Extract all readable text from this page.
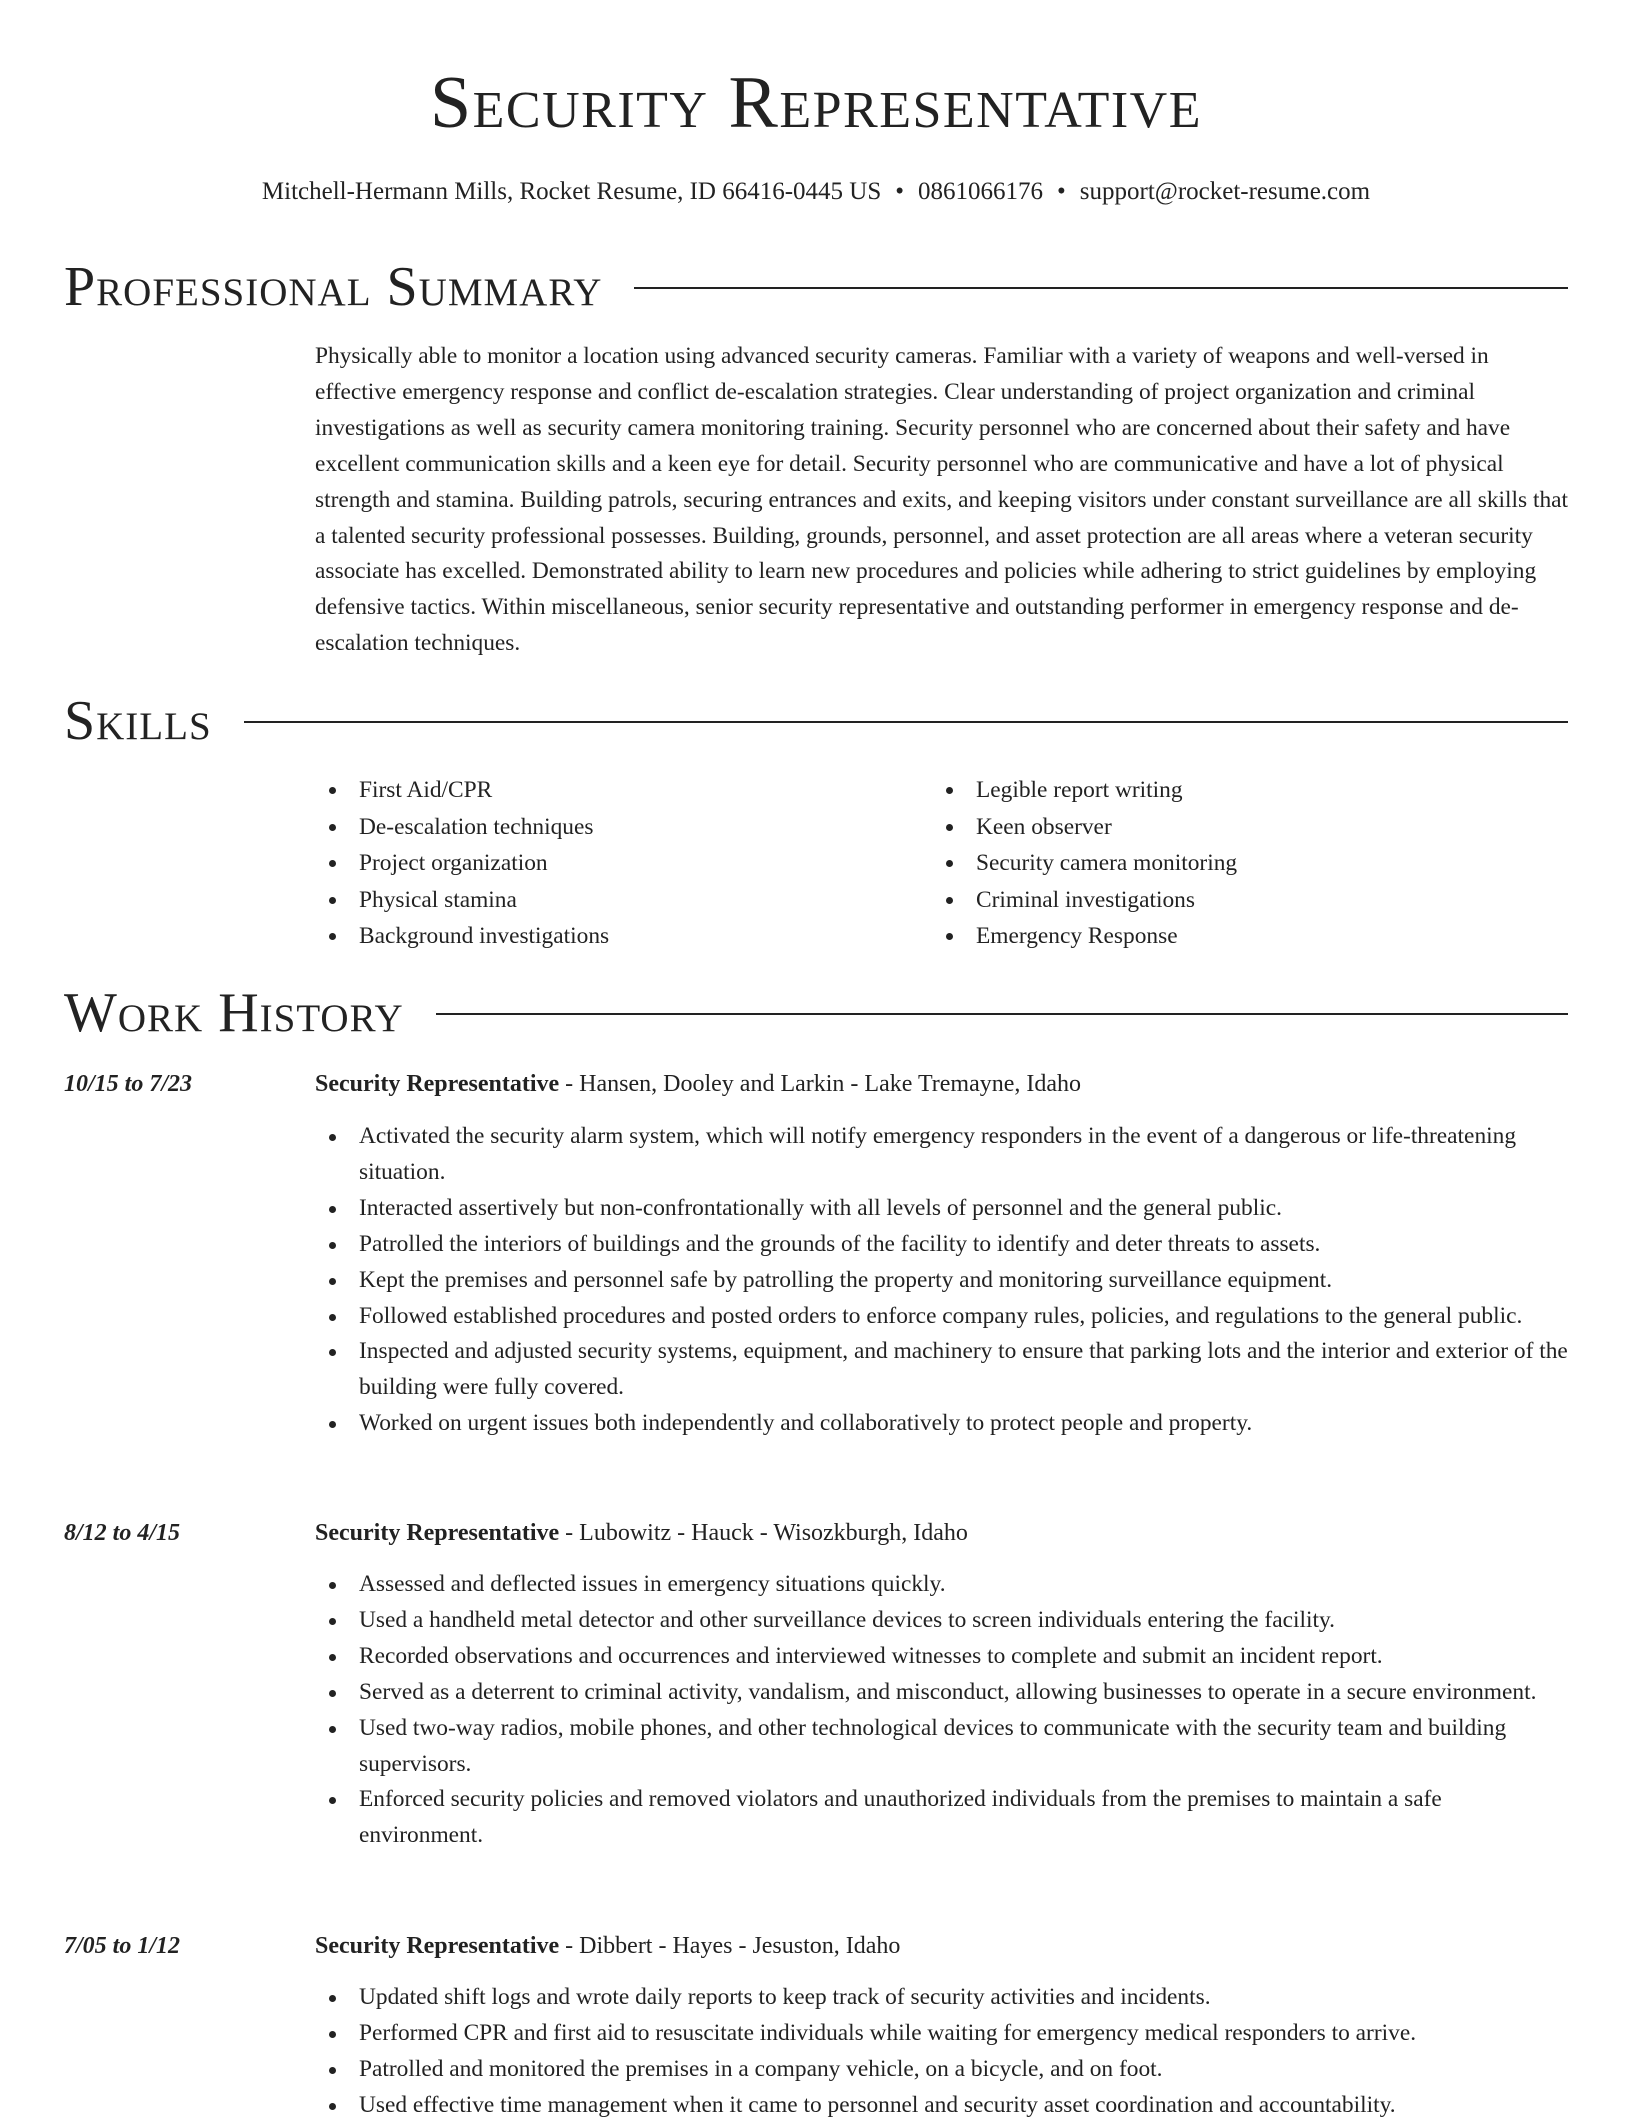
Security Representative
Mitchell-Hermann Mills, Rocket Resume, ID 66416-0445 US • 0861066176 • support@rocket-resume.com
Professional Summary

Physically able to monitor a location using advanced security cameras. Familiar with a variety of weapons and well-versed in effective emergency response and conflict de-escalation strategies. Clear understanding of project organization and criminal investigations as well as security camera monitoring training. Security personnel who are concerned about their safety and have excellent communication skills and a keen eye for detail. Security personnel who are communicative and have a lot of physical strength and stamina. Building patrols, securing entrances and exits, and keeping visitors under constant surveillance are all skills that a talented security professional possesses. Building, grounds, personnel, and asset protection are all areas where a veteran security associate has excelled. Demonstrated ability to learn new procedures and policies while adhering to strict guidelines by employing defensive tactics. Within miscellaneous, senior security representative and outstanding performer in emergency response and de-escalation techniques.

Skills
First Aid/CPR
De-escalation techniques
Project organization
Physical stamina
Background investigations
Legible report writing
Keen observer
Security camera monitoring
Criminal investigations
Emergency Response
Work History
10/15 to 7/23	Security Representative - Hansen, Dooley and Larkin - Lake Tremayne, Idaho
Activated the security alarm system, which will notify emergency responders in the event of a dangerous or life-threatening situation.
Interacted assertively but non-confrontationally with all levels of personnel and the general public.
Patrolled the interiors of buildings and the grounds of the facility to identify and deter threats to assets.
Kept the premises and personnel safe by patrolling the property and monitoring surveillance equipment.
Followed established procedures and posted orders to enforce company rules, policies, and regulations to the general public.
Inspected and adjusted security systems, equipment, and machinery to ensure that parking lots and the interior and exterior of the building were fully covered.
Worked on urgent issues both independently and collaboratively to protect people and property.
8/12 to 4/15	Security Representative - Lubowitz - Hauck - Wisozkburgh, Idaho
Assessed and deflected issues in emergency situations quickly.
Used a handheld metal detector and other surveillance devices to screen individuals entering the facility.
Recorded observations and occurrences and interviewed witnesses to complete and submit an incident report.
Served as a deterrent to criminal activity, vandalism, and misconduct, allowing businesses to operate in a secure environment.
Used two-way radios, mobile phones, and other technological devices to communicate with the security team and building supervisors.
Enforced security policies and removed violators and unauthorized individuals from the premises to maintain a safe environment.
7/05 to 1/12	Security Representative - Dibbert - Hayes - Jesuston, Idaho
Updated shift logs and wrote daily reports to keep track of security activities and incidents.
Performed CPR and first aid to resuscitate individuals while waiting for emergency medical responders to arrive.
Patrolled and monitored the premises in a company vehicle, on a bicycle, and on foot.
Used effective time management when it came to personnel and security asset coordination and accountability.
